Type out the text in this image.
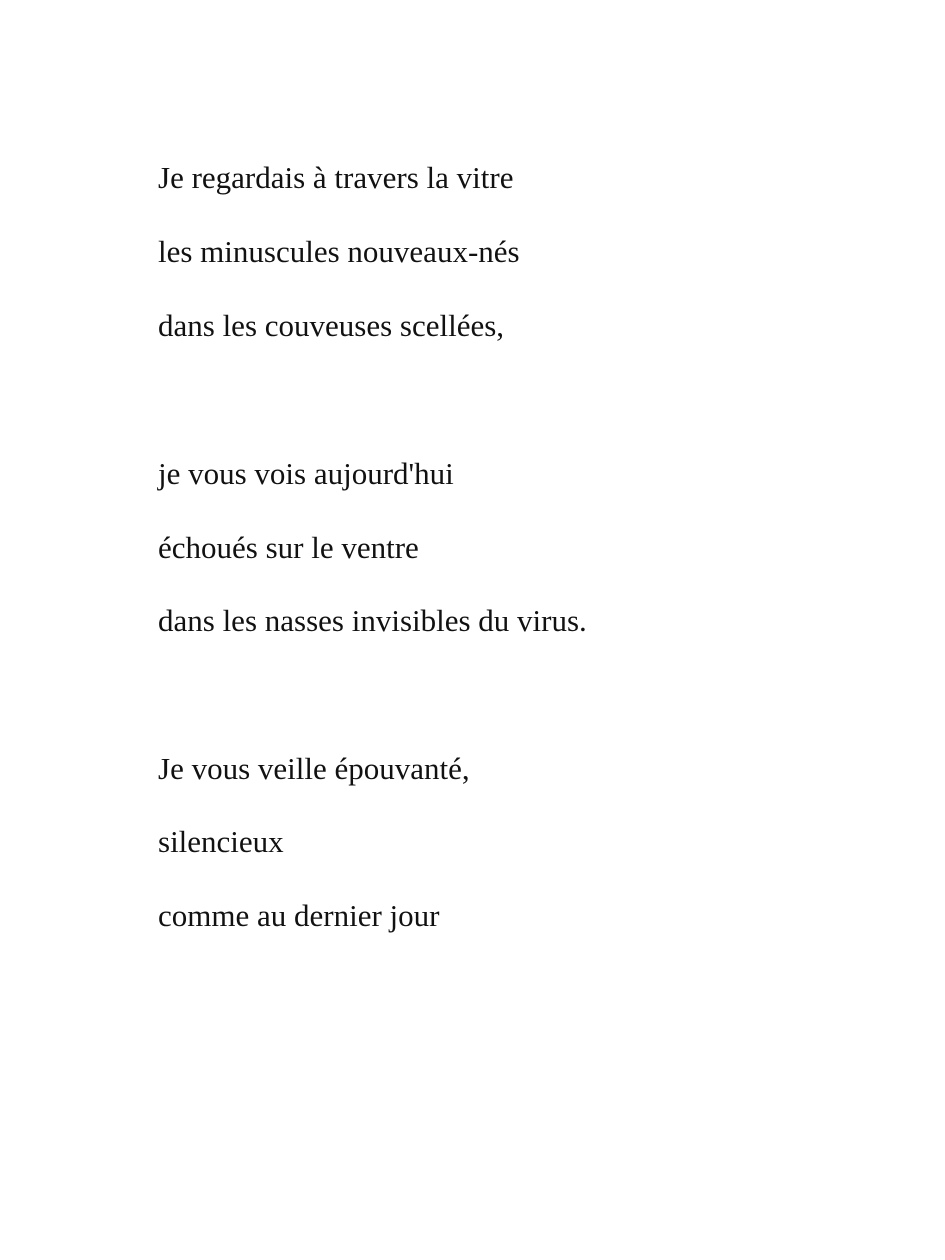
Je regardais à travers la vitre

les minuscules nouveaux-nés

dans les couveuses scellées,

je vous vois aujourd'hui

échoués sur le ventre

dans les nasses invisibles du virus.

Je vous veille épouvanté,

silencieux

comme au dernier jour
